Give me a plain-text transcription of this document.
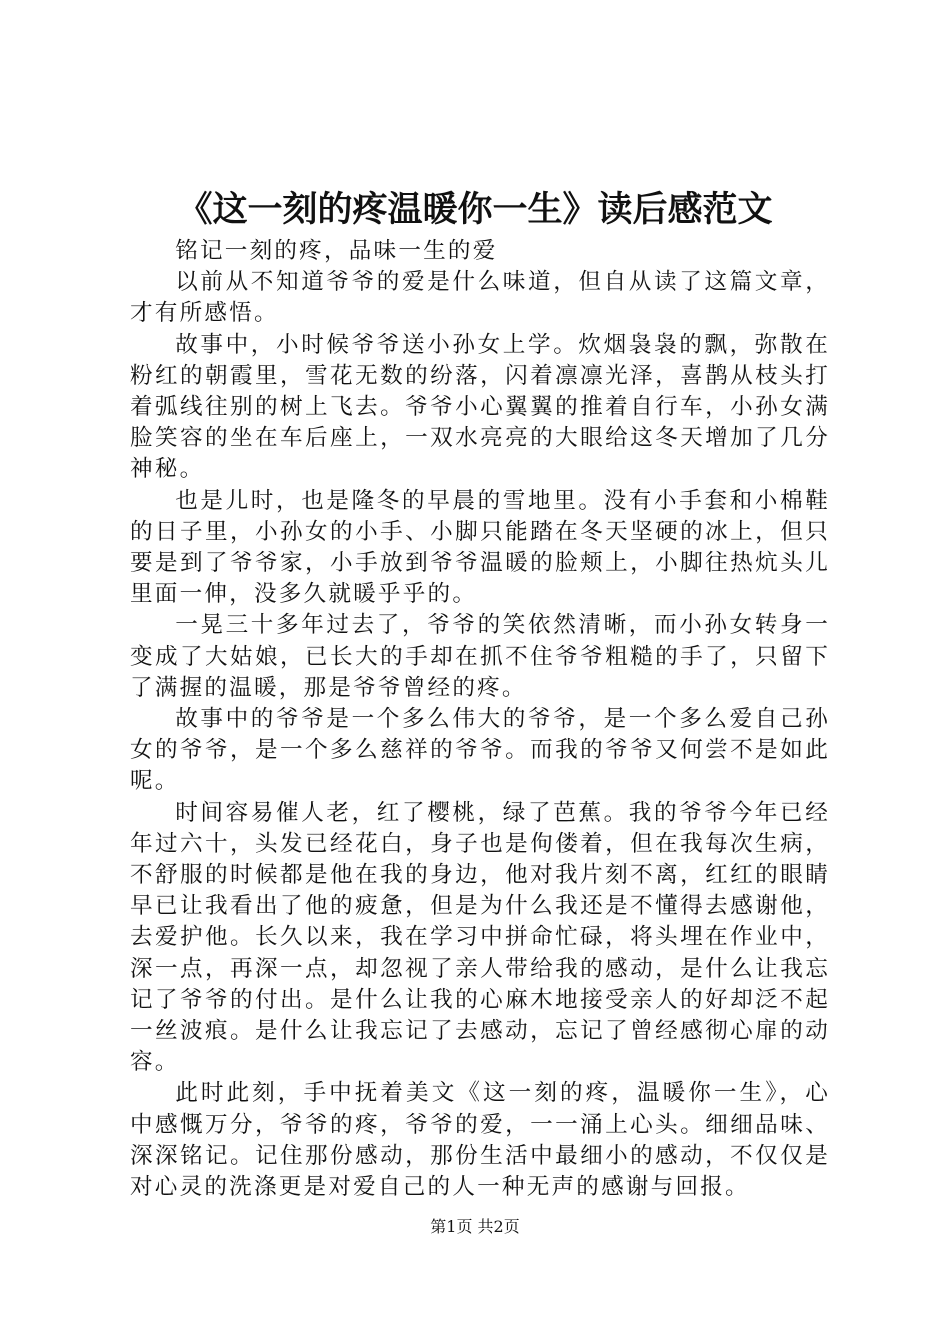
《这一刻的疼温暖你一生》读后感范文

铭记一刻的疼，品味一生的爱

以前从不知道爷爷的爱是什么味道，但自从读了这篇文章，才有所感悟。

故事中，小时候爷爷送小孙女上学。炊烟袅袅的飘，弥散在粉红的朝霞里，雪花无数的纷落，闪着凛凛光泽，喜鹊从枝头打着弧线往别的树上飞去。爷爷小心翼翼的推着自行车，小孙女满脸笑容的坐在车后座上，一双水亮亮的大眼给这冬天增加了几分神秘。

也是儿时，也是隆冬的早晨的雪地里。没有小手套和小棉鞋的日子里，小孙女的小手、小脚只能踏在冬天坚硬的冰上，但只要是到了爷爷家，小手放到爷爷温暖的脸颊上，小脚往热炕头儿里面一伸，没多久就暖乎乎的。

一晃三十多年过去了，爷爷的笑依然清晰，而小孙女转身一变成了大姑娘，已长大的手却在抓不住爷爷粗糙的手了，只留下了满握的温暖，那是爷爷曾经的疼。

故事中的爷爷是一个多么伟大的爷爷，是一个多么爱自己孙女的爷爷，是一个多么慈祥的爷爷。而我的爷爷又何尝不是如此呢。

时间容易催人老，红了樱桃，绿了芭蕉。我的爷爷今年已经年过六十，头发已经花白，身子也是佝偻着，但在我每次生病，不舒服的时候都是他在我的身边，他对我片刻不离，红红的眼睛早已让我看出了他的疲惫，但是为什么我还是不懂得去感谢他，去爱护他。长久以来，我在学习中拼命忙碌，将头埋在作业中，深一点，再深一点，却忽视了亲人带给我的感动，是什么让我忘记了爷爷的付出。是什么让我的心麻木地接受亲人的好却泛不起一丝波痕。是什么让我忘记了去感动，忘记了曾经感彻心扉的动容。

此时此刻，手中抚着美文《这一刻的疼，温暖你一生》，心中感慨万分，爷爷的疼，爷爷的爱，一一涌上心头。细细品味、深深铭记。记住那份感动，那份生活中最细小的感动，不仅仅是对心灵的洗涤更是对爱自己的人一种无声的感谢与回报。

第1页 共2页
